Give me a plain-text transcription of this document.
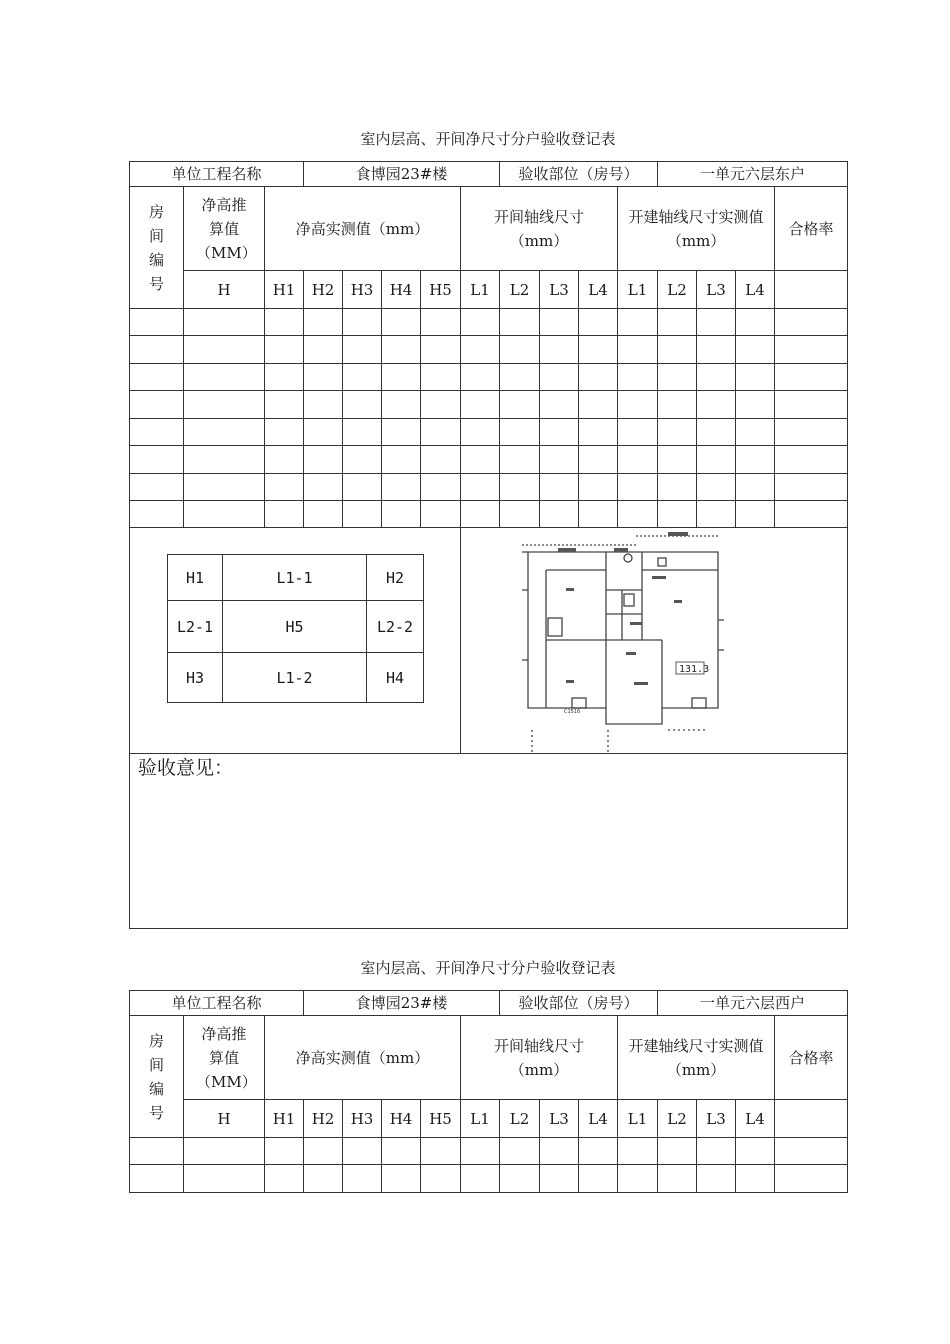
室内层高、开间净尺寸分户验收登记表
单位工程名称	食博园23#楼	验收部位（房号）	一单元六层东户
房间编号	净高推算值（MM）	净高实测值（mm）	开间轴线尺寸（mm）	开建轴线尺寸实测值（mm）	合格率
H	H1	H2	H3	H4	H5	L1	L2	L3	L4	L1	L2	L3	L4	

H1	L1-1	H2
L2-1	H5	L2-2
H3	L1-2	H4
		131.3
C1516

验收意见：
室内层高、开间净尺寸分户验收登记表
单位工程名称			食博园23#楼					验收部位（房号）				一单元六层西户			
房间编号	净高推算值（MM）	净高实测值（mm）					开间轴线尺寸（mm）				开建轴线尺寸实测值（mm）				合格率
	H	H1	H2	H3	H4	H5	L1	L2	L3	L4	L1	L2	L3	L4	
